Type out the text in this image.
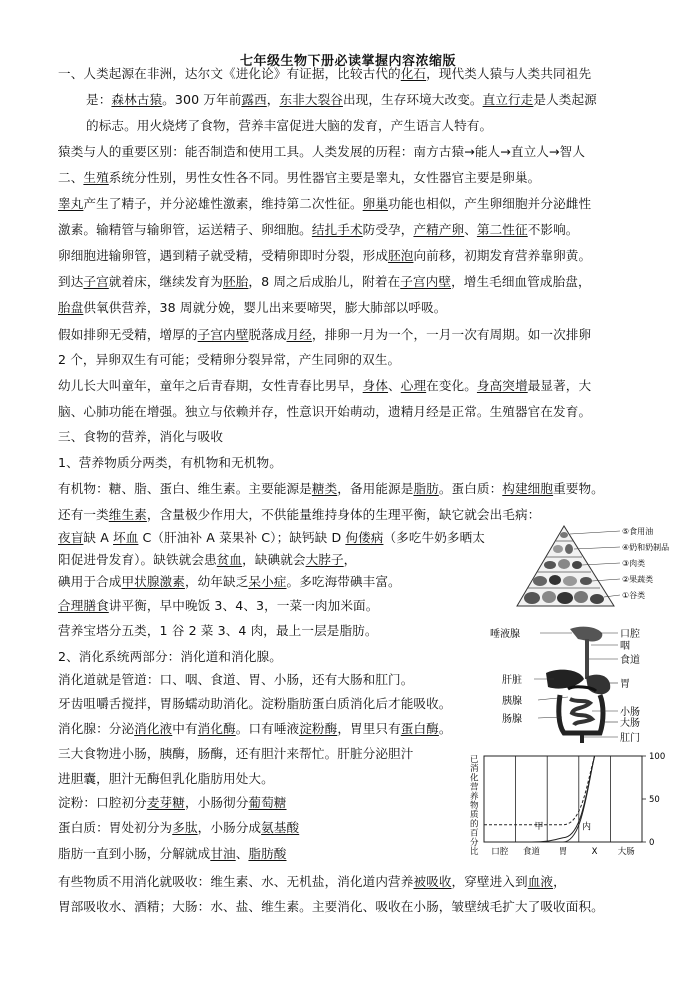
七年级生物下册必读掌握内容浓缩版
一、人类起源在非洲，达尔文《进化论》有证据，比较古代的化石，现代类人猿与人类共同祖先
是：森林古猿。300 万年前露西，东非大裂谷出现，生存环境大改变。直立行走是人类起源
的标志。用火烧烤了食物，营养丰富促进大脑的发育，产生语言人特有。
猿类与人的重要区别：能否制造和使用工具。人类发展的历程：南方古猿→能人→直立人→智人
二、生殖系统分性别，男性女性各不同。男性器官主要是睾丸，女性器官主要是卵巢。
睾丸产生了精子，并分泌雄性激素，维持第二次性征。卵巢功能也相似，产生卵细胞并分泌雌性
激素。输精管与输卵管，运送精子、卵细胞。结扎手术防受孕，产精产卵、第二性征不影响。
卵细胞进输卵管，遇到精子就受精，受精卵即时分裂，形成胚泡向前移，初期发育营养靠卵黄。
到达子宫就着床，继续发育为胚胎，8 周之后成胎儿，附着在子宫内壁，增生毛细血管成胎盘，
胎盘供氧供营养，38 周就分娩，婴儿出来要啼哭，膨大肺部以呼吸。
假如排卵无受精，增厚的子宫内壁脱落成月经，排卵一月为一个，一月一次有周期。如一次排卵
2 个，异卵双生有可能；受精卵分裂异常，产生同卵的双生。
幼儿长大叫童年，童年之后青春期，女性青春比男早，身体、心理在变化。身高突增最显著，大
脑、心肺功能在增强。独立与依赖并存，性意识开始萌动，遗精月经是正常。生殖器官在发育。
三、食物的营养，消化与吸收
1、营养物质分两类，有机物和无机物。
有机物：糖、脂、蛋白、维生素。主要能源是糖类，备用能源是脂肪。蛋白质：构建细胞重要物。
还有一类维生素，含量极少作用大，不供能量维持身体的生理平衡，缺它就会出毛病：
夜盲缺 A 坏血 C（肝油补 A 菜果补 C）；缺钙缺 D 佝偻病（多吃牛奶多晒太
阳促进骨发育）。缺铁就会患贫血，缺碘就会大脖子，
碘用于合成甲状腺激素，幼年缺乏呆小症。多吃海带碘丰富。
合理膳食讲平衡，早中晚饭 3、4、3，一菜一肉加米面。
营养宝塔分五类，1 谷 2 菜 3、4 肉，最上一层是脂肪。
2、消化系统两部分：消化道和消化腺。
消化道就是管道：口、咽、食道、胃、小肠，还有大肠和肛门。
牙齿咀嚼舌搅拌，胃肠蠕动助消化。淀粉脂肪蛋白质消化后才能吸收。
消化腺：分泌消化液中有消化酶。口有唾液淀粉酶，胃里只有蛋白酶。
三大食物进小肠，胰酶，肠酶，还有胆汁来帮忙。肝脏分泌胆汁
进胆囊，胆汁无酶但乳化脂肪用处大。
淀粉：口腔初分麦芽糖，小肠彻分葡萄糖
蛋白质：胃处初分为多肽，小肠分成氨基酸
脂肪一直到小肠，分解就成甘油、脂肪酸
有些物质不用消化就吸收：维生素、水、无机盐，消化道内营养被吸收，穿壁进入到血液，
胃部吸收水、酒精；大肠：水、盐、维生素。主要消化、吸收在小肠，皱壁绒毛扩大了吸收面积。
⑤食用油
④奶和奶制品
③肉类
②果蔬类
①谷类
唾液腺	口腔
咽
食道
肝脏	胃
胰腺
肠腺
小肠
大肠
肛门
口腔 食道 胃	X 大肠
0
50
100
已消化营养物质的百分比
甲	内
